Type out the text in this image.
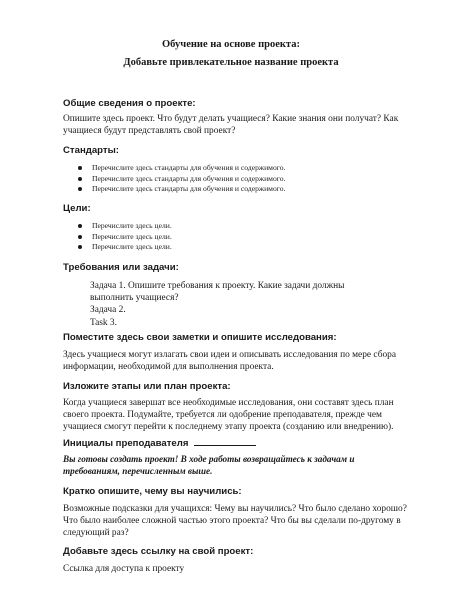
Обучение на основе проекта:
Добавьте привлекательное название проекта
Общие сведения о проекте:
Опишите здесь проект. Что будут делать учащиеся? Какие знания они получат? Как учащиеся будут представлять свой проект?
Стандарты:
Перечислите здесь стандарты для обучения и содержимого.
Перечислите здесь стандарты для обучения и содержимого.
Перечислите здесь стандарты для обучения и содержимого.
Цели:
Перечислите здесь цели.
Перечислите здесь цели.
Перечислите здесь цели.
Требования или задачи:
Задача 1. Опишите требования к проекту. Какие задачи должны выполнить учащиеся?
Задача 2.
Task 3.
Поместите здесь свои заметки и опишите исследования:
Здесь учащиеся могут излагать свои идеи и описывать исследования по мере сбора информации, необходимой для выполнения проекта.
Изложите этапы или план проекта:
Когда учащиеся завершат все необходимые исследования, они составят здесь план своего проекта. Подумайте, требуется ли одобрение преподавателя, прежде чем учащиеся смогут перейти к последнему этапу проекта (созданию или внедрению).
Инициалы преподавателя
Вы готовы создать проект! В ходе работы возвращайтесь к задачам и требованиям, перечисленным выше.
Кратко опишите, чему вы научились:
Возможные подсказки для учащихся: Чему вы научились? Что было сделано хорошо? Что было наиболее сложной частью этого проекта? Что бы вы сделали по-другому в следующий раз?
Добавьте здесь ссылку на свой проект:
Ссылка для доступа к проекту
